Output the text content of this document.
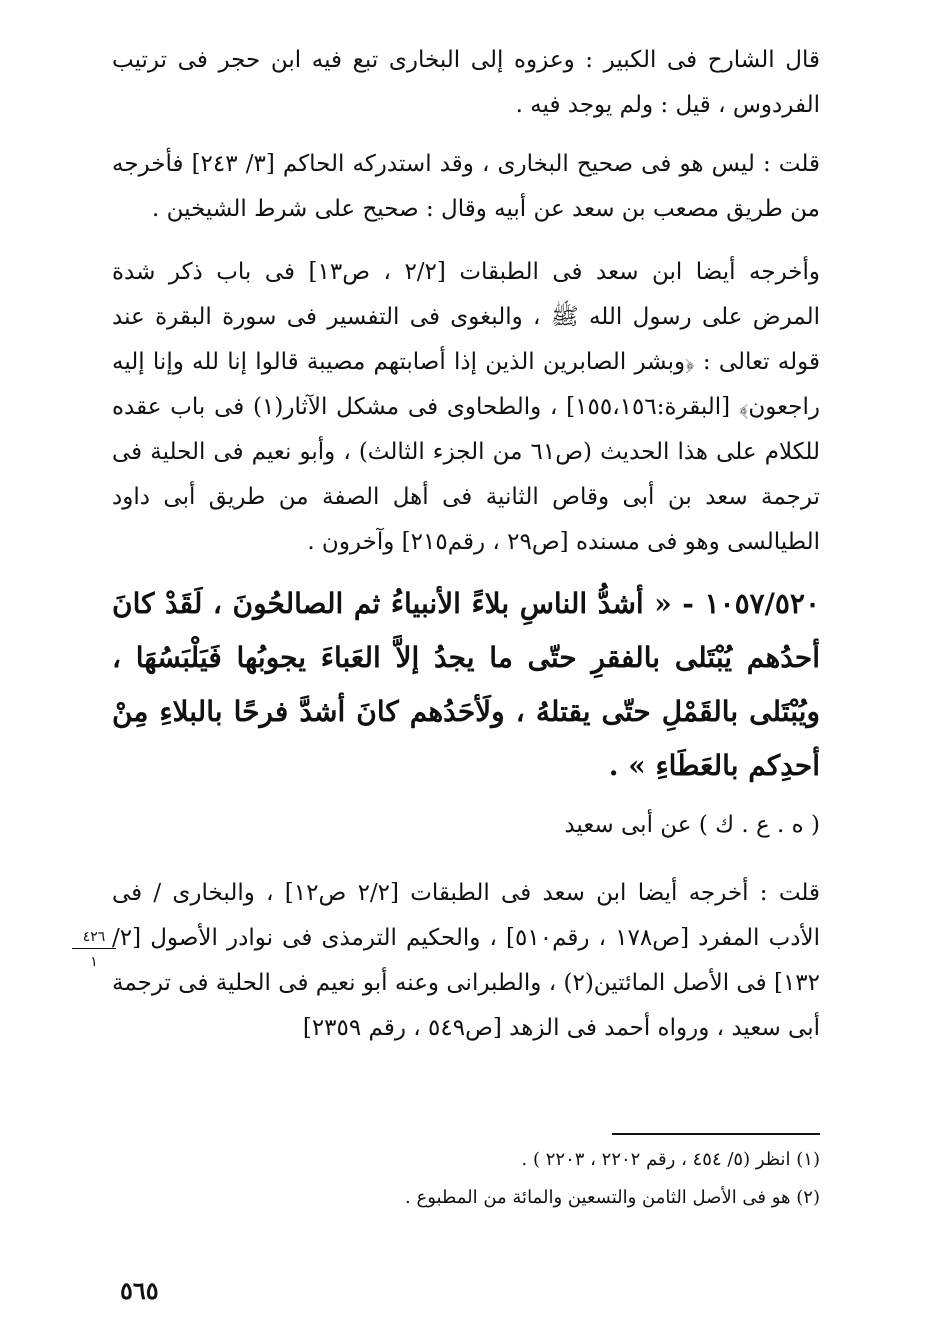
قال الشارح فى الكبير : وعزوه إلى البخارى تبع فيه ابن حجر فى ترتيب الفردوس ، قيل : ولم يوجد فيه .

قلت : ليس هو فى صحيح البخارى ، وقد استدركه الحاكم [٣/ ٢٤٣] فأخرجه من طريق مصعب بن سعد عن أبيه وقال : صحيح على شرط الشيخين .

وأخرجه أيضا ابن سعد فى الطبقات [٢/٢ ، ص١٣] فى باب ذكر شدة المرض على رسول الله ﷺ ، والبغوى فى التفسير فى سورة البقرة عند قوله تعالى : ﴿وبشر الصابرين الذين إذا أصابتهم مصيبة قالوا إنا لله وإنا إليه راجعون﴾ [البقرة:١٥٥،١٥٦] ، والطحاوى فى مشكل الآثار(١) فى باب عقده للكلام على هذا الحديث (ص٦١ من الجزء الثالث) ، وأبو نعيم فى الحلية فى ترجمة سعد بن أبى وقاص الثانية فى أهل الصفة من طريق أبى داود الطيالسى وهو فى مسنده [ص٢٩ ، رقم٢١٥] وآخرون .

١٠٥٧/٥٢٠ - « أشدُّ الناسِ بلاءً الأنبياءُ ثم الصالحُونَ ، لَقَدْ كانَ أحدُهم يُبْتَلى بالفقرِ حتّى ما يجدُ إلاَّ العَباءَ يجوبُها فَيَلْبَسُهَا ، ويُبْتَلى بالقَمْلِ حتّى يقتلهُ ، ولَأحَدُهم كانَ أشدَّ فرحًا بالبلاءِ مِنْ أحدِكم بالعَطَاءِ » .

( ه . ع . ك ) عن أبى سعيد

قلت : أخرجه أيضا ابن سعد فى الطبقات [٢/٢ ص١٢] ، والبخارى / فى الأدب المفرد [ص١٧٨ ، رقم٥١٠] ، والحكيم الترمذى فى نوادر الأصول [٢/ ١٣٢] فى الأصل المائتين(٢) ، والطبرانى وعنه أبو نعيم فى الحلية فى ترجمة أبى سعيد ، ورواه أحمد فى الزهد [ص٥٤٩ ، رقم ٢٣٥٩]

٤٢٦
١
(١) انظر (٥/ ٤٥٤ ، رقم ٢٢٠٢ ، ٢٢٠٣ ) .
(٢) هو فى الأصل الثامن والتسعين والمائة من المطبوع .
٥٦٥
